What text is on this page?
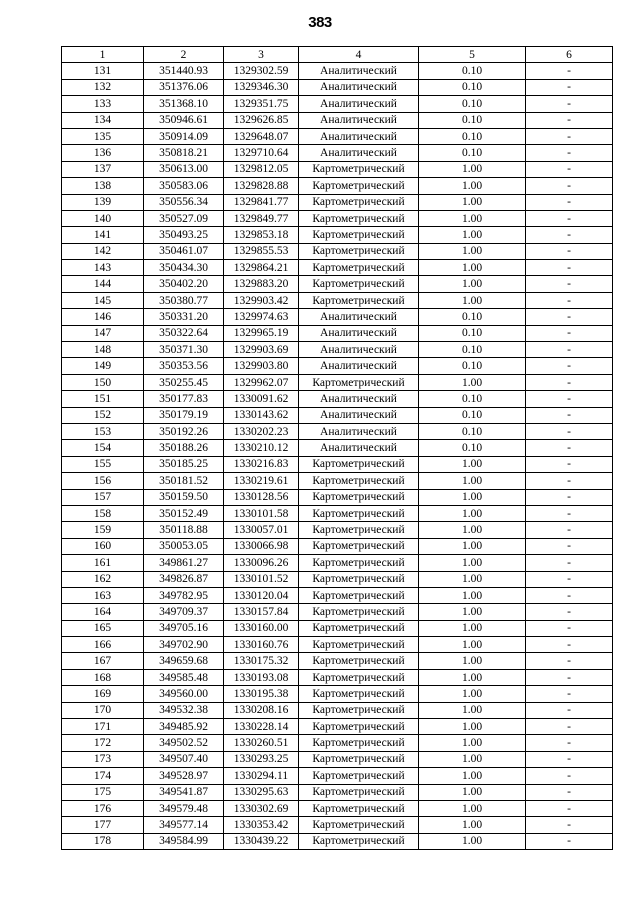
383
1	2	3	4	5	6
131	351440.93	1329302.59	Аналитический	0.10	-
132	351376.06	1329346.30	Аналитический	0.10	-
133	351368.10	1329351.75	Аналитический	0.10	-
134	350946.61	1329626.85	Аналитический	0.10	-
135	350914.09	1329648.07	Аналитический	0.10	-
136	350818.21	1329710.64	Аналитический	0.10	-
137	350613.00	1329812.05	Картометрический	1.00	-
138	350583.06	1329828.88	Картометрический	1.00	-
139	350556.34	1329841.77	Картометрический	1.00	-
140	350527.09	1329849.77	Картометрический	1.00	-
141	350493.25	1329853.18	Картометрический	1.00	-
142	350461.07	1329855.53	Картометрический	1.00	-
143	350434.30	1329864.21	Картометрический	1.00	-
144	350402.20	1329883.20	Картометрический	1.00	-
145	350380.77	1329903.42	Картометрический	1.00	-
146	350331.20	1329974.63	Аналитический	0.10	-
147	350322.64	1329965.19	Аналитический	0.10	-
148	350371.30	1329903.69	Аналитический	0.10	-
149	350353.56	1329903.80	Аналитический	0.10	-
150	350255.45	1329962.07	Картометрический	1.00	-
151	350177.83	1330091.62	Аналитический	0.10	-
152	350179.19	1330143.62	Аналитический	0.10	-
153	350192.26	1330202.23	Аналитический	0.10	-
154	350188.26	1330210.12	Аналитический	0.10	-
155	350185.25	1330216.83	Картометрический	1.00	-
156	350181.52	1330219.61	Картометрический	1.00	-
157	350159.50	1330128.56	Картометрический	1.00	-
158	350152.49	1330101.58	Картометрический	1.00	-
159	350118.88	1330057.01	Картометрический	1.00	-
160	350053.05	1330066.98	Картометрический	1.00	-
161	349861.27	1330096.26	Картометрический	1.00	-
162	349826.87	1330101.52	Картометрический	1.00	-
163	349782.95	1330120.04	Картометрический	1.00	-
164	349709.37	1330157.84	Картометрический	1.00	-
165	349705.16	1330160.00	Картометрический	1.00	-
166	349702.90	1330160.76	Картометрический	1.00	-
167	349659.68	1330175.32	Картометрический	1.00	-
168	349585.48	1330193.08	Картометрический	1.00	-
169	349560.00	1330195.38	Картометрический	1.00	-
170	349532.38	1330208.16	Картометрический	1.00	-
171	349485.92	1330228.14	Картометрический	1.00	-
172	349502.52	1330260.51	Картометрический	1.00	-
173	349507.40	1330293.25	Картометрический	1.00	-
174	349528.97	1330294.11	Картометрический	1.00	-
175	349541.87	1330295.63	Картометрический	1.00	-
176	349579.48	1330302.69	Картометрический	1.00	-
177	349577.14	1330353.42	Картометрический	1.00	-
178	349584.99	1330439.22	Картометрический	1.00	-
